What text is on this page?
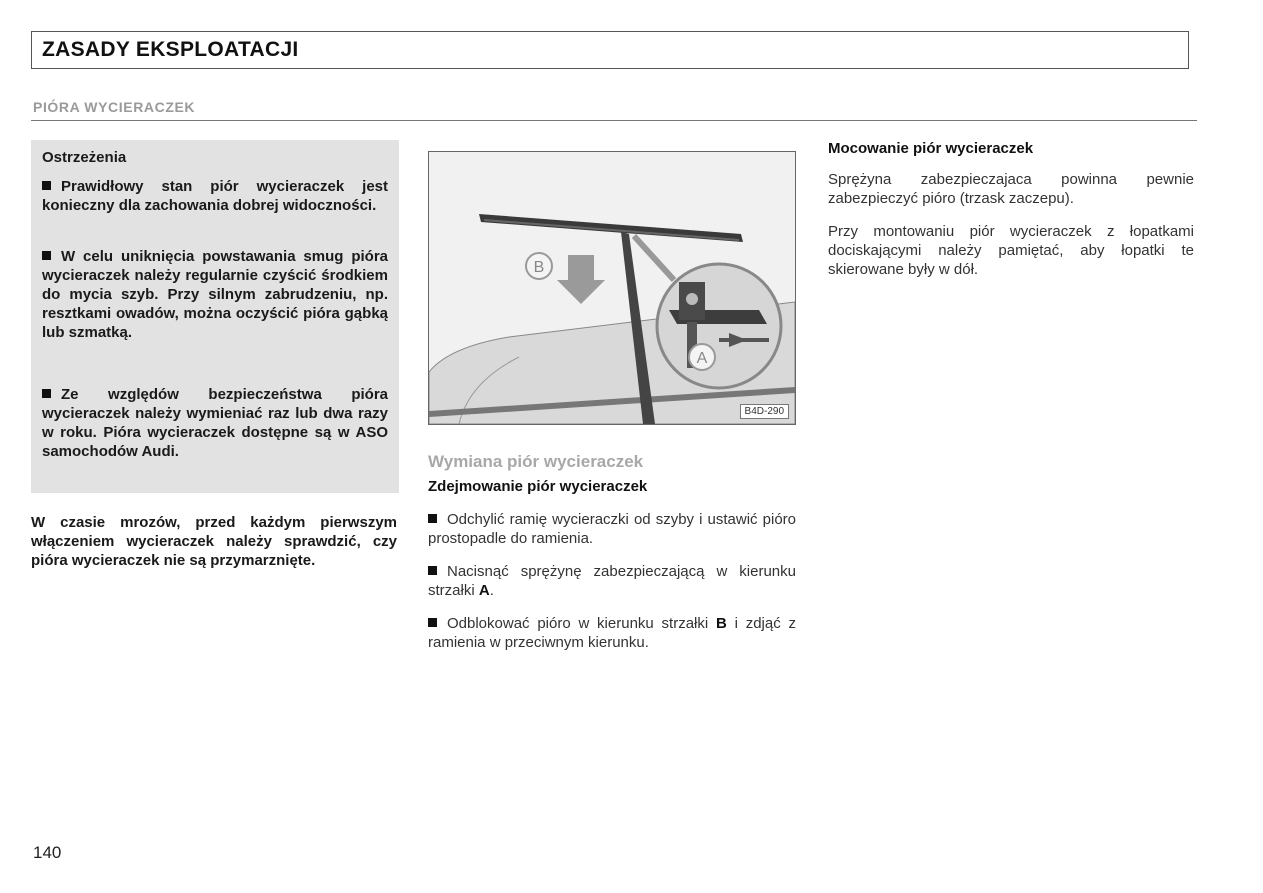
ZASADY EKSPLOATACJI
PIÓRA WYCIERACZEK
Ostrzeżenia

Prawidłowy stan piór wycieraczek jest konieczny dla zachowania dobrej widoczności.

W celu uniknięcia powstawania smug pióra wycieraczek należy regularnie czyścić środkiem do mycia szyb. Przy silnym zabrudzeniu, np. resztkami owadów, można oczyścić pióra gąbką lub szmatką.

Ze względów bezpieczeństwa pióra wycieraczek należy wymieniać raz lub dwa razy w roku. Pióra wycieraczek dostępne są w ASO samochodów Audi.

W czasie mrozów, przed każdym pierwszym włączeniem wycieraczek należy sprawdzić, czy pióra wycieraczek nie są przymarznięte.

B
A
B4D-290
Wymiana piór wycieraczek
Zdejmowanie piór wycieraczek

Odchylić ramię wycieraczki od szyby i ustawić pióro prostopadle do ramienia.

Nacisnąć sprężynę zabezpieczającą w kierunku strzałki A.

Odblokować pióro w kierunku strzałki B i zdjąć z ramienia w przeciwnym kierunku.

Mocowanie piór wycieraczek

Sprężyna zabezpieczajaca powinna pewnie zabezpieczyć pióro (trzask zaczepu).

Przy montowaniu piór wycieraczek z łopatkami dociskającymi należy pamiętać, aby łopatki te skierowane były w dół.

140
